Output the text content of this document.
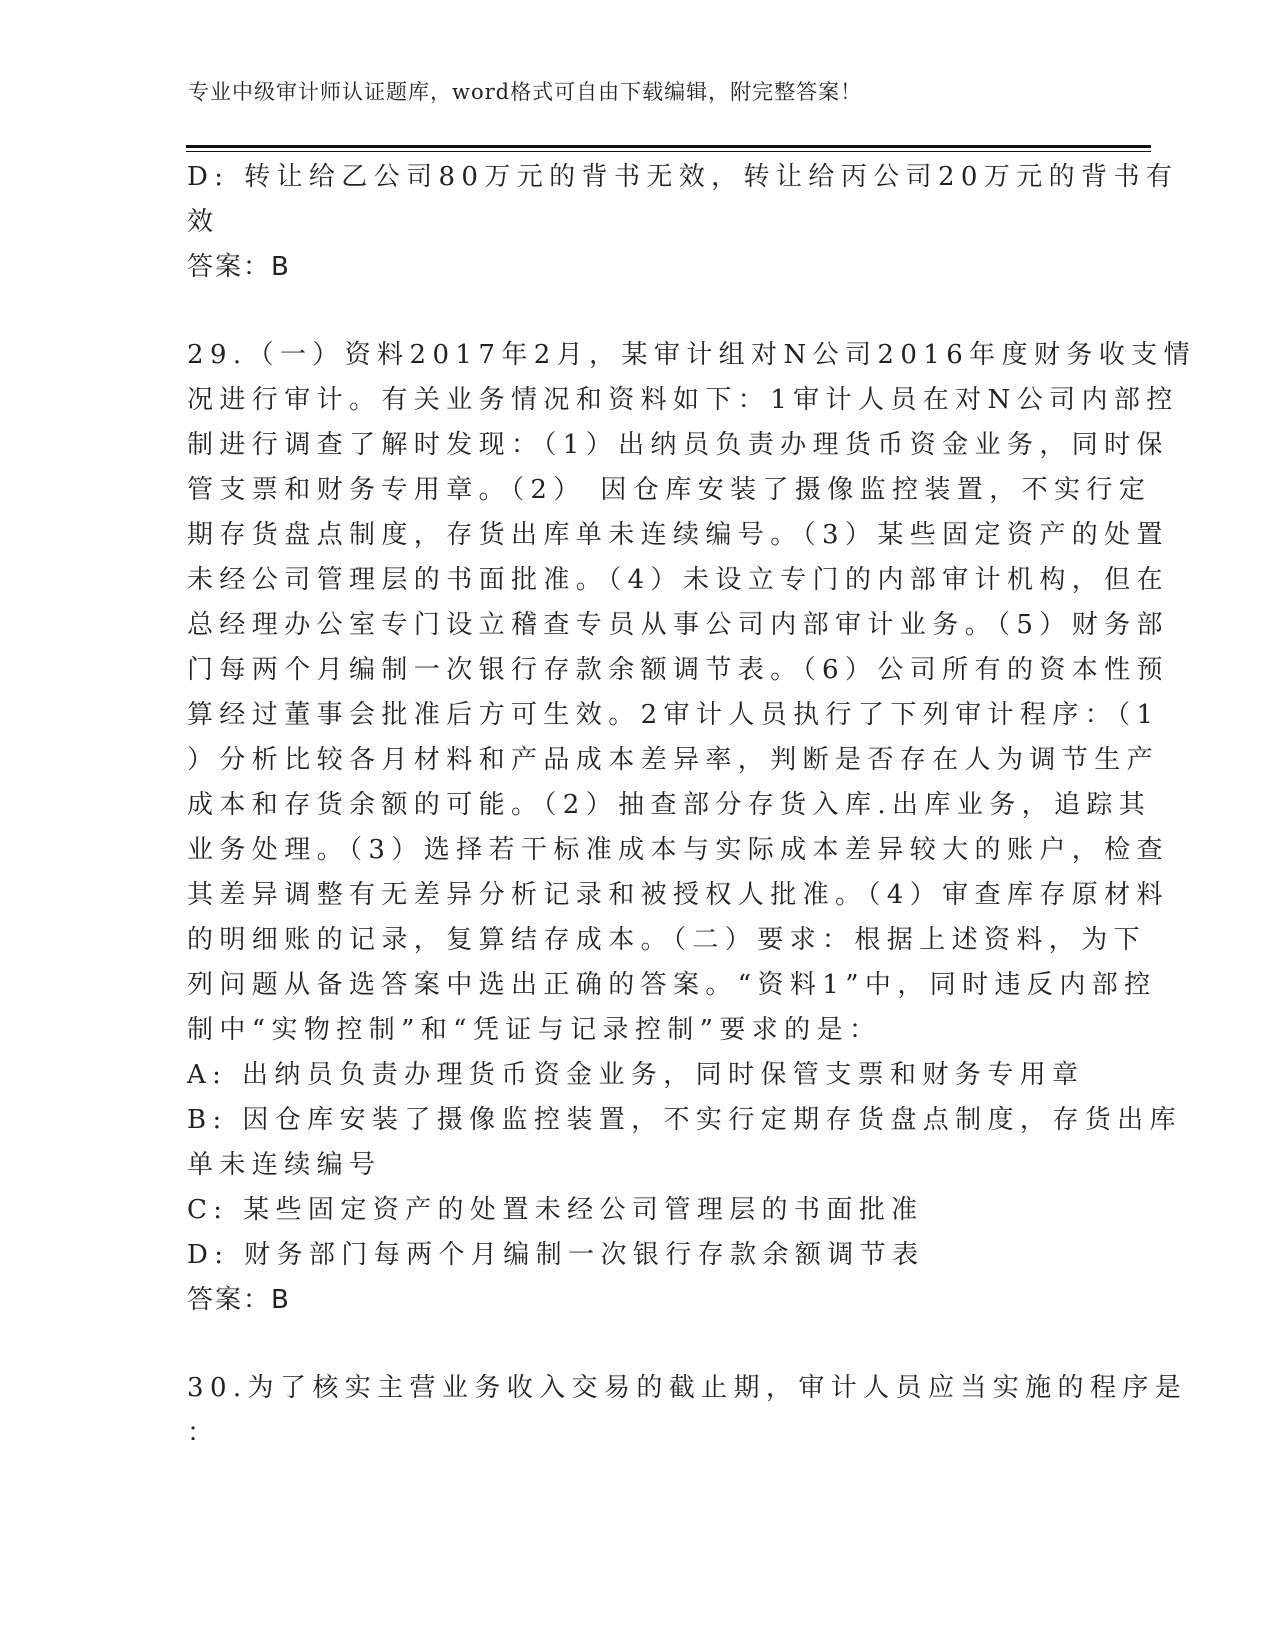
专业中级审计师认证题库，word格式可自由下载编辑，附完整答案！
D: 转让给乙公司80万元的背书无效，转让给丙公司20万元的背书有
效
答案：B
29.（一）资料2017年2月，某审计组对N公司2016年度财务收支情
况进行审计。有关业务情况和资料如下：1审计人员在对N公司内部控
制进行调查了解时发现：（1）出纳员负责办理货币资金业务，同时保
管支票和财务专用章。（2） 因仓库安装了摄像监控装置，不实行定
期存货盘点制度，存货出库单未连续编号。（3）某些固定资产的处置
未经公司管理层的书面批准。（4）未设立专门的内部审计机构，但在
总经理办公室专门设立稽查专员从事公司内部审计业务。（5）财务部
门每两个月编制一次银行存款余额调节表。（6）公司所有的资本性预
算经过董事会批准后方可生效。2审计人员执行了下列审计程序：（1
）分析比较各月材料和产品成本差异率，判断是否存在人为调节生产
成本和存货余额的可能。（2）抽查部分存货入库.出库业务，追踪其
业务处理。（3）选择若干标准成本与实际成本差异较大的账户，检查
其差异调整有无差异分析记录和被授权人批准。（4）审查库存原材料
的明细账的记录，复算结存成本。（二）要求：根据上述资料，为下
列问题从备选答案中选出正确的答案。“资料1”中，同时违反内部控
制中“实物控制”和“凭证与记录控制”要求的是：
A: 出纳员负责办理货币资金业务，同时保管支票和财务专用章
B: 因仓库安装了摄像监控装置，不实行定期存货盘点制度，存货出库
单未连续编号
C: 某些固定资产的处置未经公司管理层的书面批准
D: 财务部门每两个月编制一次银行存款余额调节表
答案：B
30.为了核实主营业务收入交易的截止期，审计人员应当实施的程序是
：
